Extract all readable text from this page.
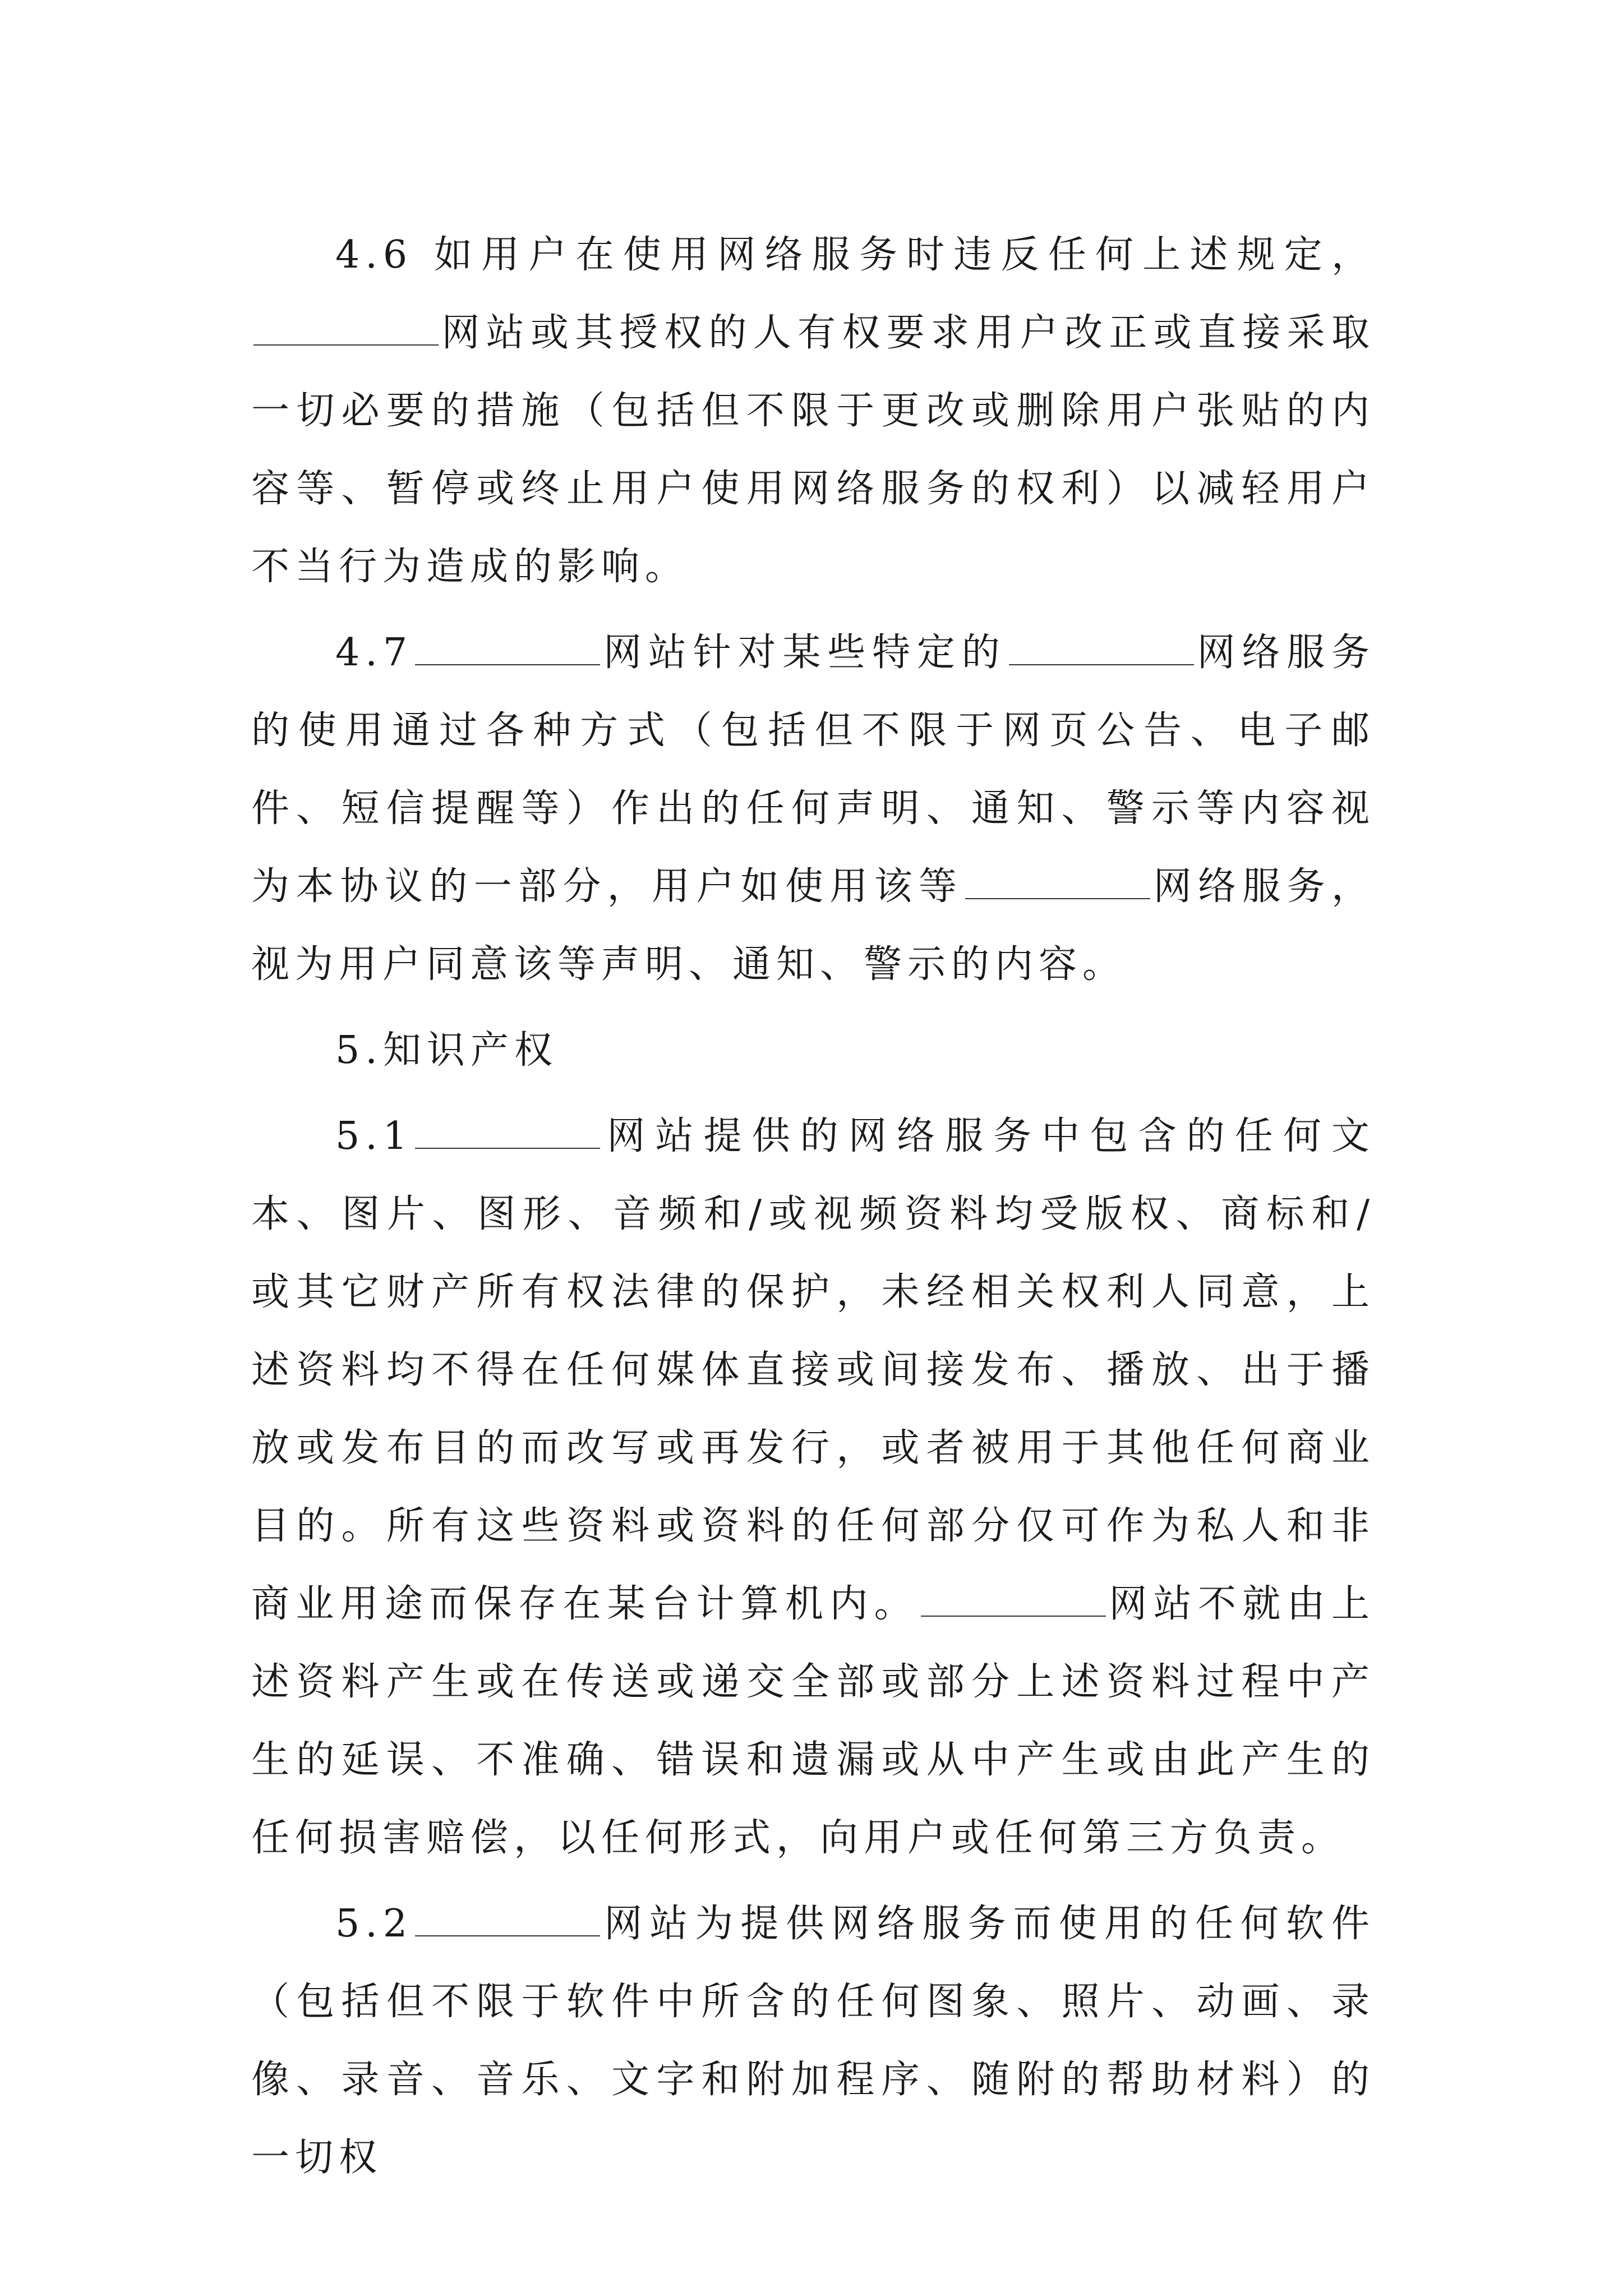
4.6 如用户在使用网络服务时违反任何上述规定，网站或其授权的人有权要求用户改正或直接采取一切必要的措施（包括但不限于更改或删除用户张贴的内容等、暂停或终止用户使用网络服务的权利）以减轻用户不当行为造成的影响。

4.7	网站针对某些特定的	网络服务的使用通过各种方式（包括但不限于网页公告、电子邮件、短信提醒等）作出的任何声明、通知、警示等内容视为本协议的一部分，用户如使用该等	网络服务，视为用户同意该等声明、通知、警示的内容。

5.知识产权

5.1	网站提供的网络服务中包含的任何文本、图片、图形、音频和/或视频资料均受版权、商标和/或其它财产所有权法律的保护，未经相关权利人同意，上述资料均不得在任何媒体直接或间接发布、播放、出于播放或发布目的而改写或再发行，或者被用于其他任何商业目的。所有这些资料或资料的任何部分仅可作为私人和非商业用途而保存在某台计算机内。	网站不就由上述资料产生或在传送或递交全部或部分上述资料过程中产生的延误、不准确、错误和遗漏或从中产生或由此产生的任何损害赔偿，以任何形式，向用户或任何第三方负责。

5.2	网站为提供网络服务而使用的任何软件（包括但不限于软件中所含的任何图象、照片、动画、录像、录音、音乐、文字和附加程序、随附的帮助材料）的一切权
